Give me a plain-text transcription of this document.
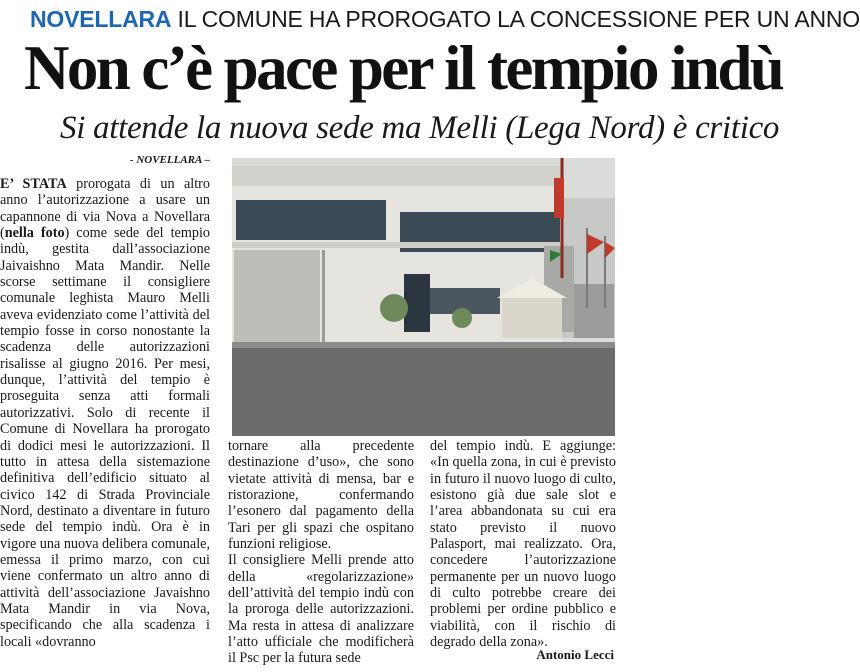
NOVELLARA IL COMUNE HA PROROGATO LA CONCESSIONE PER UN ANNO
Non c’è pace per il tempio indù
Si attende la nuova sede ma Melli (Lega Nord) è critico
- NOVELLARA –

E’ STATA prorogata di un altro anno l’autorizzazione a usare un capannone di via Nova a Novellara (nella foto) come sede del tempio indù, gestita dall’associazione Jaivaishno Mata Mandir. Nelle scorse settimane il consigliere comunale leghista Mauro Melli aveva evidenziato come l’attività del tempio fosse in corso nonostante la scadenza delle autorizzazioni risalisse al giugno 2016. Per mesi, dunque, l’attività del tempio è proseguita senza atti formali autorizzativi. Solo di recente il Comune di Novellara ha prorogato di dodici mesi le autorizzazioni. Il tutto in attesa della sistemazione definitiva dell’edificio situato al civico 142 di Strada Provinciale Nord, destinato a diventare in futuro sede del tempio indù. Ora è in vigore una nuova delibera comunale, emessa il primo marzo, con cui viene confermato un altro anno di attività dell’associazione Javaishno Mata Mandir in via Nova, specificando che alla scadenza i locali «dovranno

tornare alla precedente destinazione d’uso», che sono vietate attività di mensa, bar e ristorazione, confermando l’esonero dal pagamento della Tari per gli spazi che ospitano funzioni religiose.

Il consigliere Melli prende atto della «regolarizzazione» dell’attività del tempio indù con la proroga delle autorizzazioni. Ma resta in attesa di analizzare l’atto ufficiale che modificherà il Psc per la futura sede

del tempio indù. E aggiunge: «In quella zona, in cui è previsto in futuro il nuovo luogo di culto, esistono già due sale slot e l’area abbandonata su cui era stato previsto il nuovo Palasport, mai realizzato. Ora, concedere l’autorizzazione permanente per un nuovo luogo di culto potrebbe creare dei problemi per ordine pubblico e viabilità, con il rischio di degrado della zona».

Antonio Lecci
